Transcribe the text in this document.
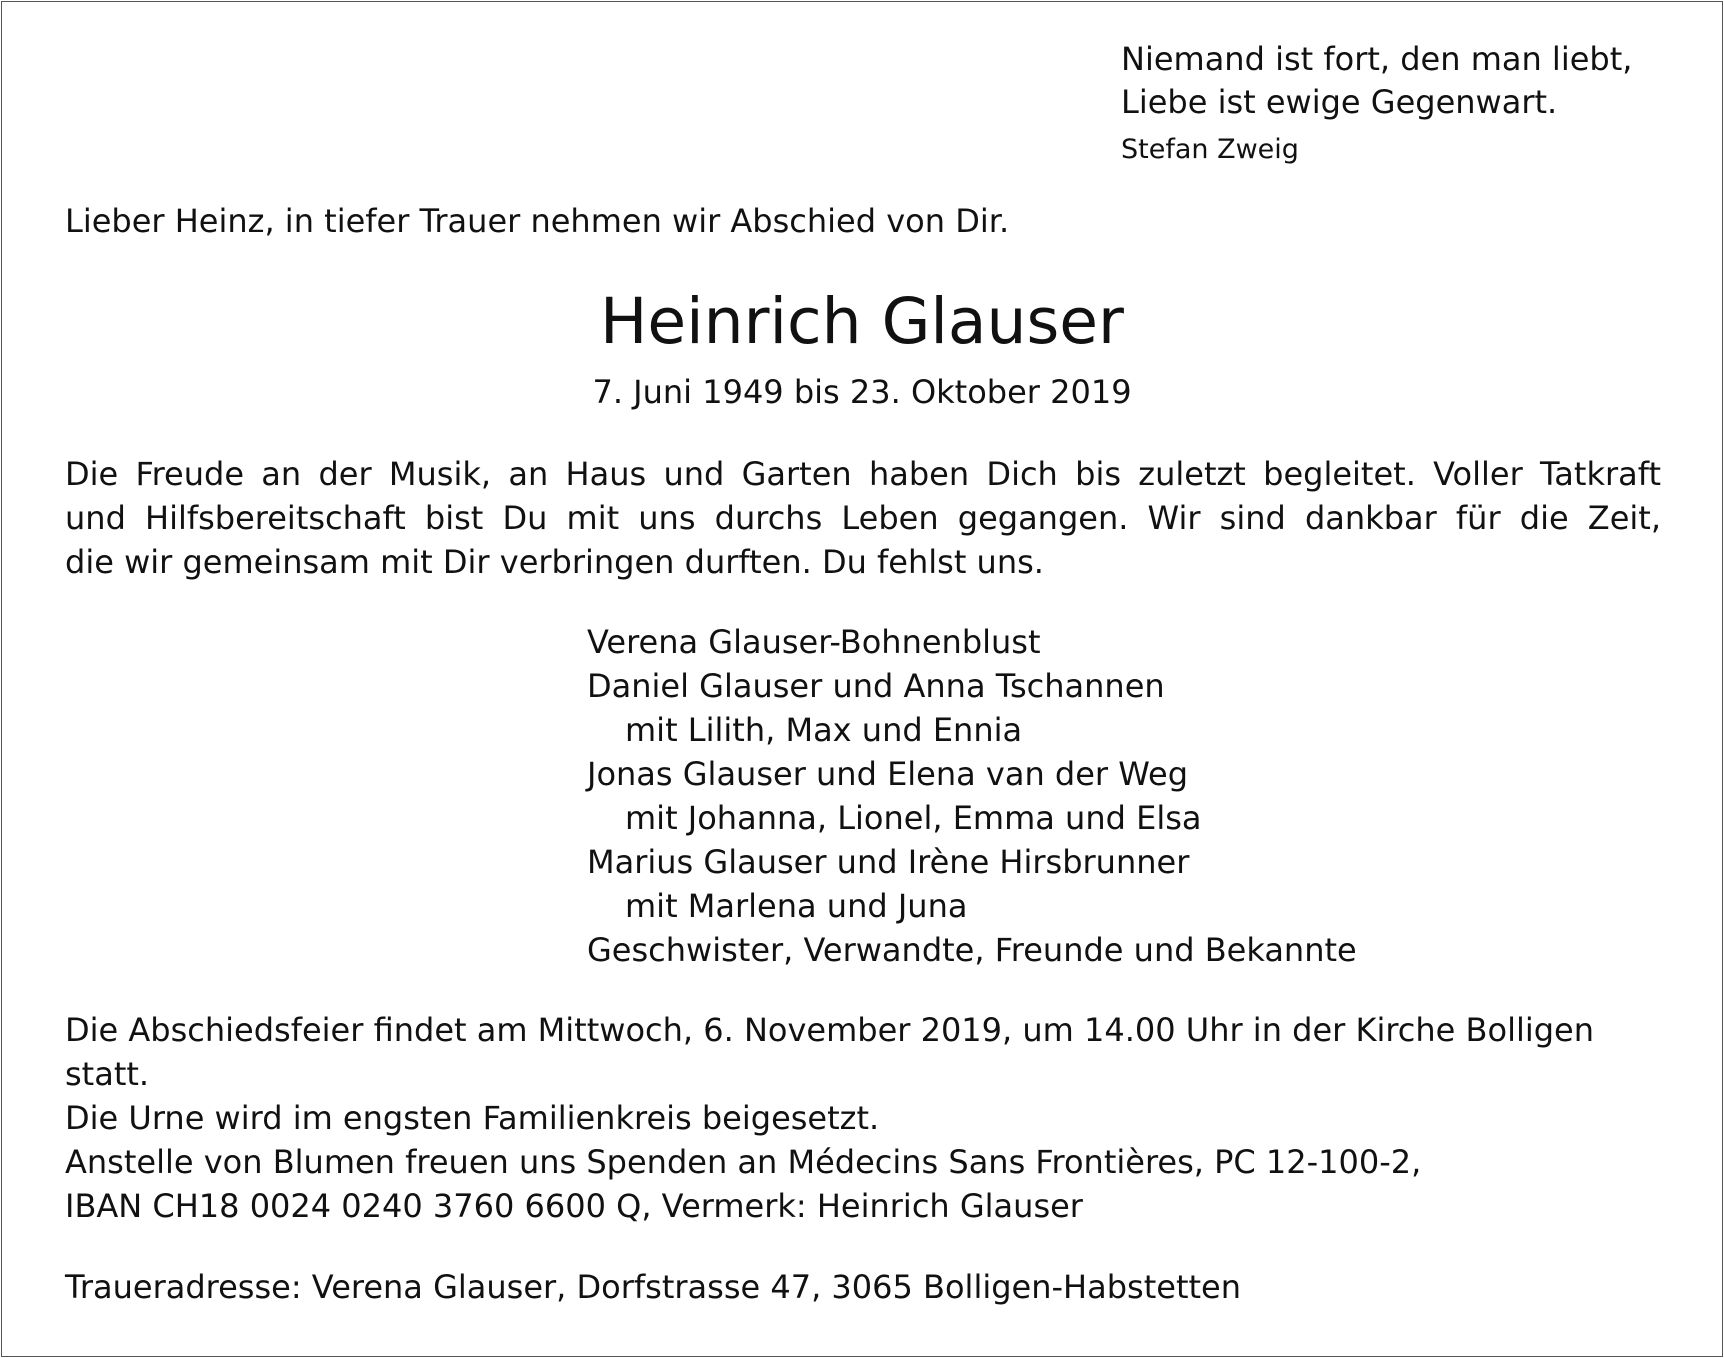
Niemand ist fort, den man liebt,
Liebe ist ewige Gegenwart.
Stefan Zweig
Lieber Heinz, in tiefer Trauer nehmen wir Abschied von Dir.
Heinrich Glauser
7. Juni 1949 bis 23. Oktober 2019
Die Freude an der Musik, an Haus und Garten haben Dich bis zuletzt begleitet. Voller Tatkraft
und Hilfsbereitschaft bist Du mit uns durchs Leben gegangen. Wir sind dankbar für die Zeit,
die wir gemeinsam mit Dir verbringen durften. Du fehlst uns.
Verena Glauser-Bohnenblust
Daniel Glauser und Anna Tschannen
mit Lilith, Max und Ennia
Jonas Glauser und Elena van der Weg
mit Johanna, Lionel, Emma und Elsa
Marius Glauser und Irène Hirsbrunner
mit Marlena und Juna
Geschwister, Verwandte, Freunde und Bekannte
Die Abschiedsfeier findet am Mittwoch, 6. November 2019, um 14.00 Uhr in der Kirche Bolligen
statt.
Die Urne wird im engsten Familienkreis beigesetzt.
Anstelle von Blumen freuen uns Spenden an Médecins Sans Frontières, PC 12-100-2,
IBAN CH18 0024 0240 3760 6600 Q, Vermerk: Heinrich Glauser
Traueradresse: Verena Glauser, Dorfstrasse 47, 3065 Bolligen-Habstetten
